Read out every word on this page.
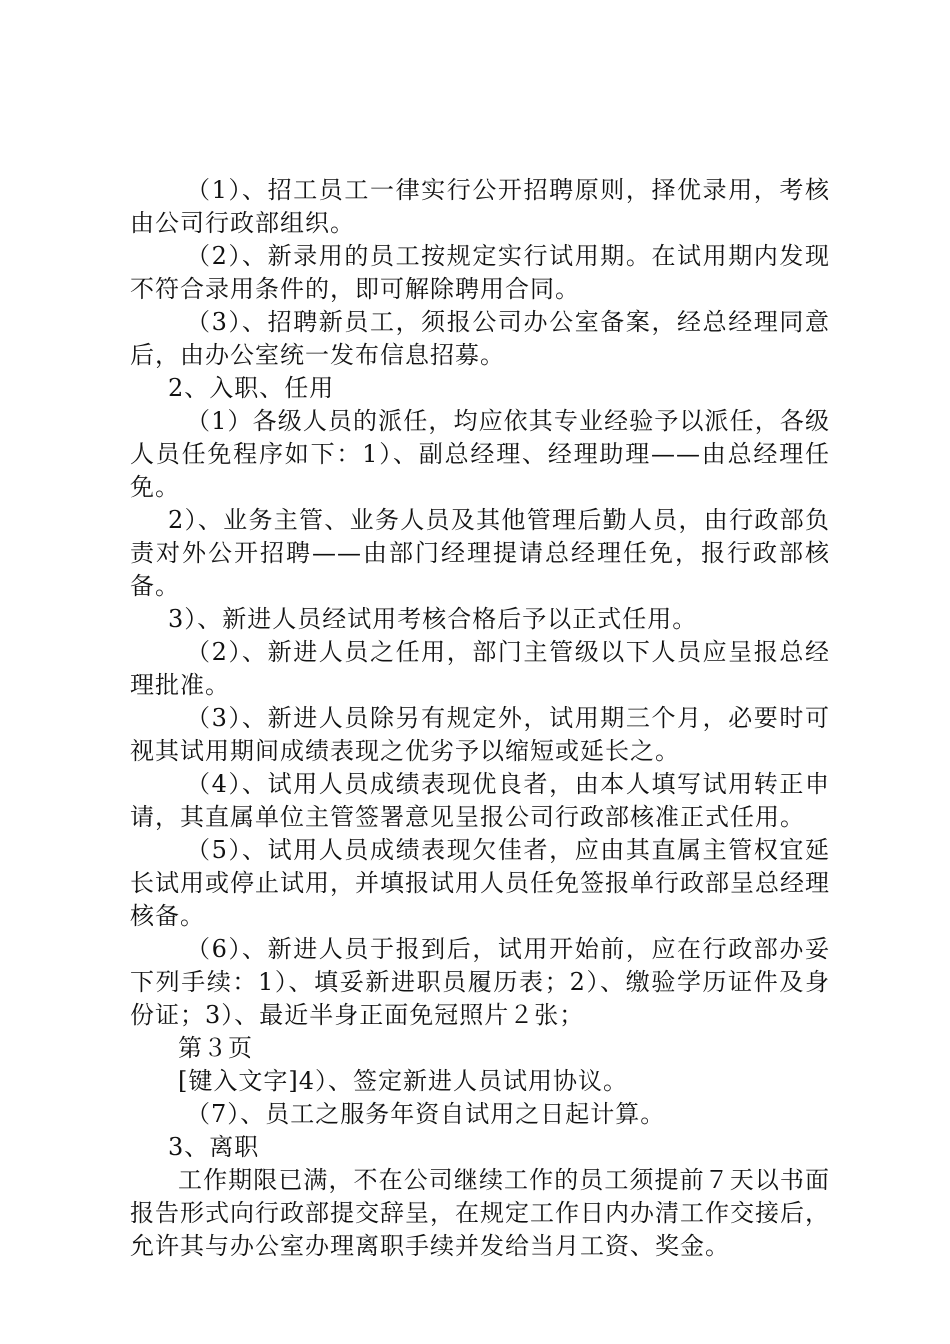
（1）、招工员工一律实行公开招聘原则，择优录用，考核由公司行政部组织。

（2）、新录用的员工按规定实行试用期。在试用期内发现不符合录用条件的，即可解除聘用合同。

（3）、招聘新员工，须报公司办公室备案，经总经理同意后，由办公室统一发布信息招募。

2、入职、任用

（1）各级人员的派任，均应依其专业经验予以派任，各级人员任免程序如下：1）、副总经理、经理助理——由总经理任免。

2）、业务主管、业务人员及其他管理后勤人员，由行政部负责对外公开招聘——由部门经理提请总经理任免，报行政部核备。

3）、新进人员经试用考核合格后予以正式任用。

（2）、新进人员之任用，部门主管级以下人员应呈报总经理批准。

（3）、新进人员除另有规定外，试用期三个月，必要时可视其试用期间成绩表现之优劣予以缩短或延长之。

（4）、试用人员成绩表现优良者，由本人填写试用转正申请，其直属单位主管签署意见呈报公司行政部核准正式任用。

（5）、试用人员成绩表现欠佳者，应由其直属主管权宜延长试用或停止试用，并填报试用人员任免签报单行政部呈总经理核备。

（6）、新进人员于报到后，试用开始前，应在行政部办妥下列手续：1）、填妥新进职员履历表；2）、缴验学历证件及身份证；3）、最近半身正面免冠照片２张；

第３页

[键入文字]4）、签定新进人员试用协议。

（7）、员工之服务年资自试用之日起计算。

3、离职

工作期限已满，不在公司继续工作的员工须提前７天以书面报告形式向行政部提交辞呈，在规定工作日内办清工作交接后，允许其与办公室办理离职手续并发给当月工资、奖金。
